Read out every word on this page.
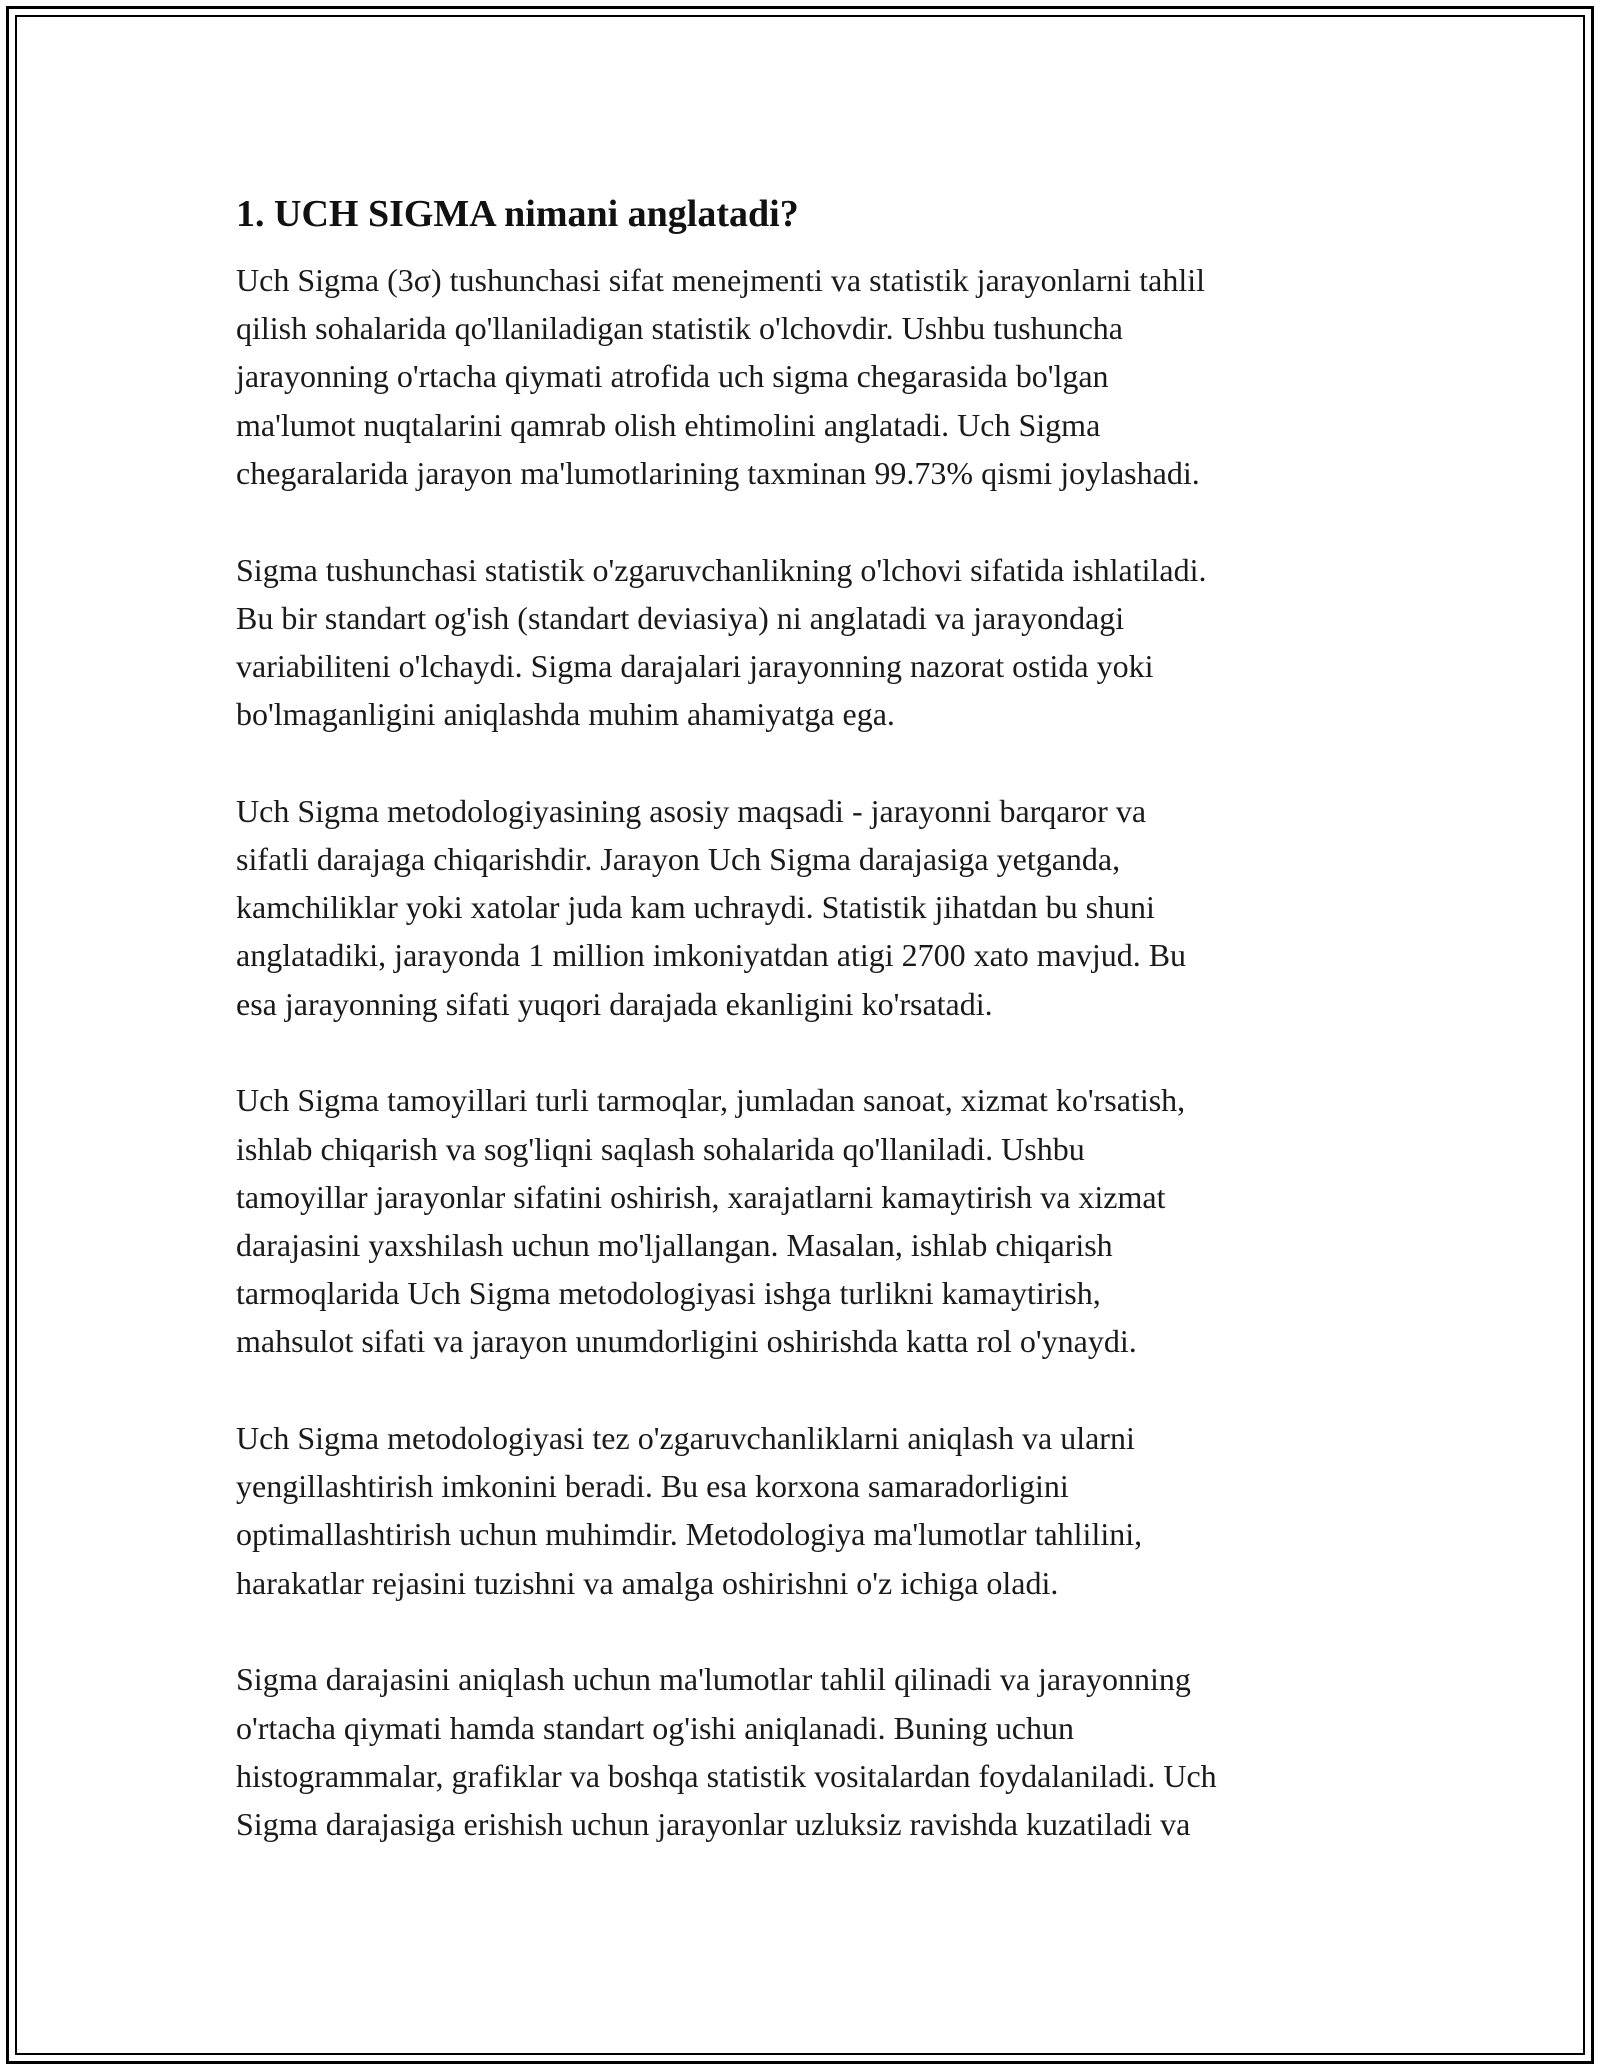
1. UCH SIGMA nimani anglatadi?

Uch Sigma (3σ) tushunchasi sifat menejmenti va statistik jarayonlarni tahlil
qilish sohalarida qo'llaniladigan statistik o'lchovdir. Ushbu tushuncha
jarayonning o'rtacha qiymati atrofida uch sigma chegarasida bo'lgan
ma'lumot nuqtalarini qamrab olish ehtimolini anglatadi. Uch Sigma
chegaralarida jarayon ma'lumotlarining taxminan 99.73% qismi joylashadi.

Sigma tushunchasi statistik o'zgaruvchanlikning o'lchovi sifatida ishlatiladi.
Bu bir standart og'ish (standart deviasiya) ni anglatadi va jarayondagi
variabiliteni o'lchaydi. Sigma darajalari jarayonning nazorat ostida yoki
bo'lmaganligini aniqlashda muhim ahamiyatga ega.

Uch Sigma metodologiyasining asosiy maqsadi - jarayonni barqaror va
sifatli darajaga chiqarishdir. Jarayon Uch Sigma darajasiga yetganda,
kamchiliklar yoki xatolar juda kam uchraydi. Statistik jihatdan bu shuni
anglatadiki, jarayonda 1 million imkoniyatdan atigi 2700 xato mavjud. Bu
esa jarayonning sifati yuqori darajada ekanligini ko'rsatadi.

Uch Sigma tamoyillari turli tarmoqlar, jumladan sanoat, xizmat ko'rsatish,
ishlab chiqarish va sog'liqni saqlash sohalarida qo'llaniladi. Ushbu
tamoyillar jarayonlar sifatini oshirish, xarajatlarni kamaytirish va xizmat
darajasini yaxshilash uchun mo'ljallangan. Masalan, ishlab chiqarish
tarmoqlarida Uch Sigma metodologiyasi ishga turlikni kamaytirish,
mahsulot sifati va jarayon unumdorligini oshirishda katta rol o'ynaydi.

Uch Sigma metodologiyasi tez o'zgaruvchanliklarni aniqlash va ularni
yengillashtirish imkonini beradi. Bu esa korxona samaradorligini
optimallashtirish uchun muhimdir. Metodologiya ma'lumotlar tahlilini,
harakatlar rejasini tuzishni va amalga oshirishni o'z ichiga oladi.

Sigma darajasini aniqlash uchun ma'lumotlar tahlil qilinadi va jarayonning
o'rtacha qiymati hamda standart og'ishi aniqlanadi. Buning uchun
histogrammalar, grafiklar va boshqa statistik vositalardan foydalaniladi. Uch
Sigma darajasiga erishish uchun jarayonlar uzluksiz ravishda kuzatiladi va
